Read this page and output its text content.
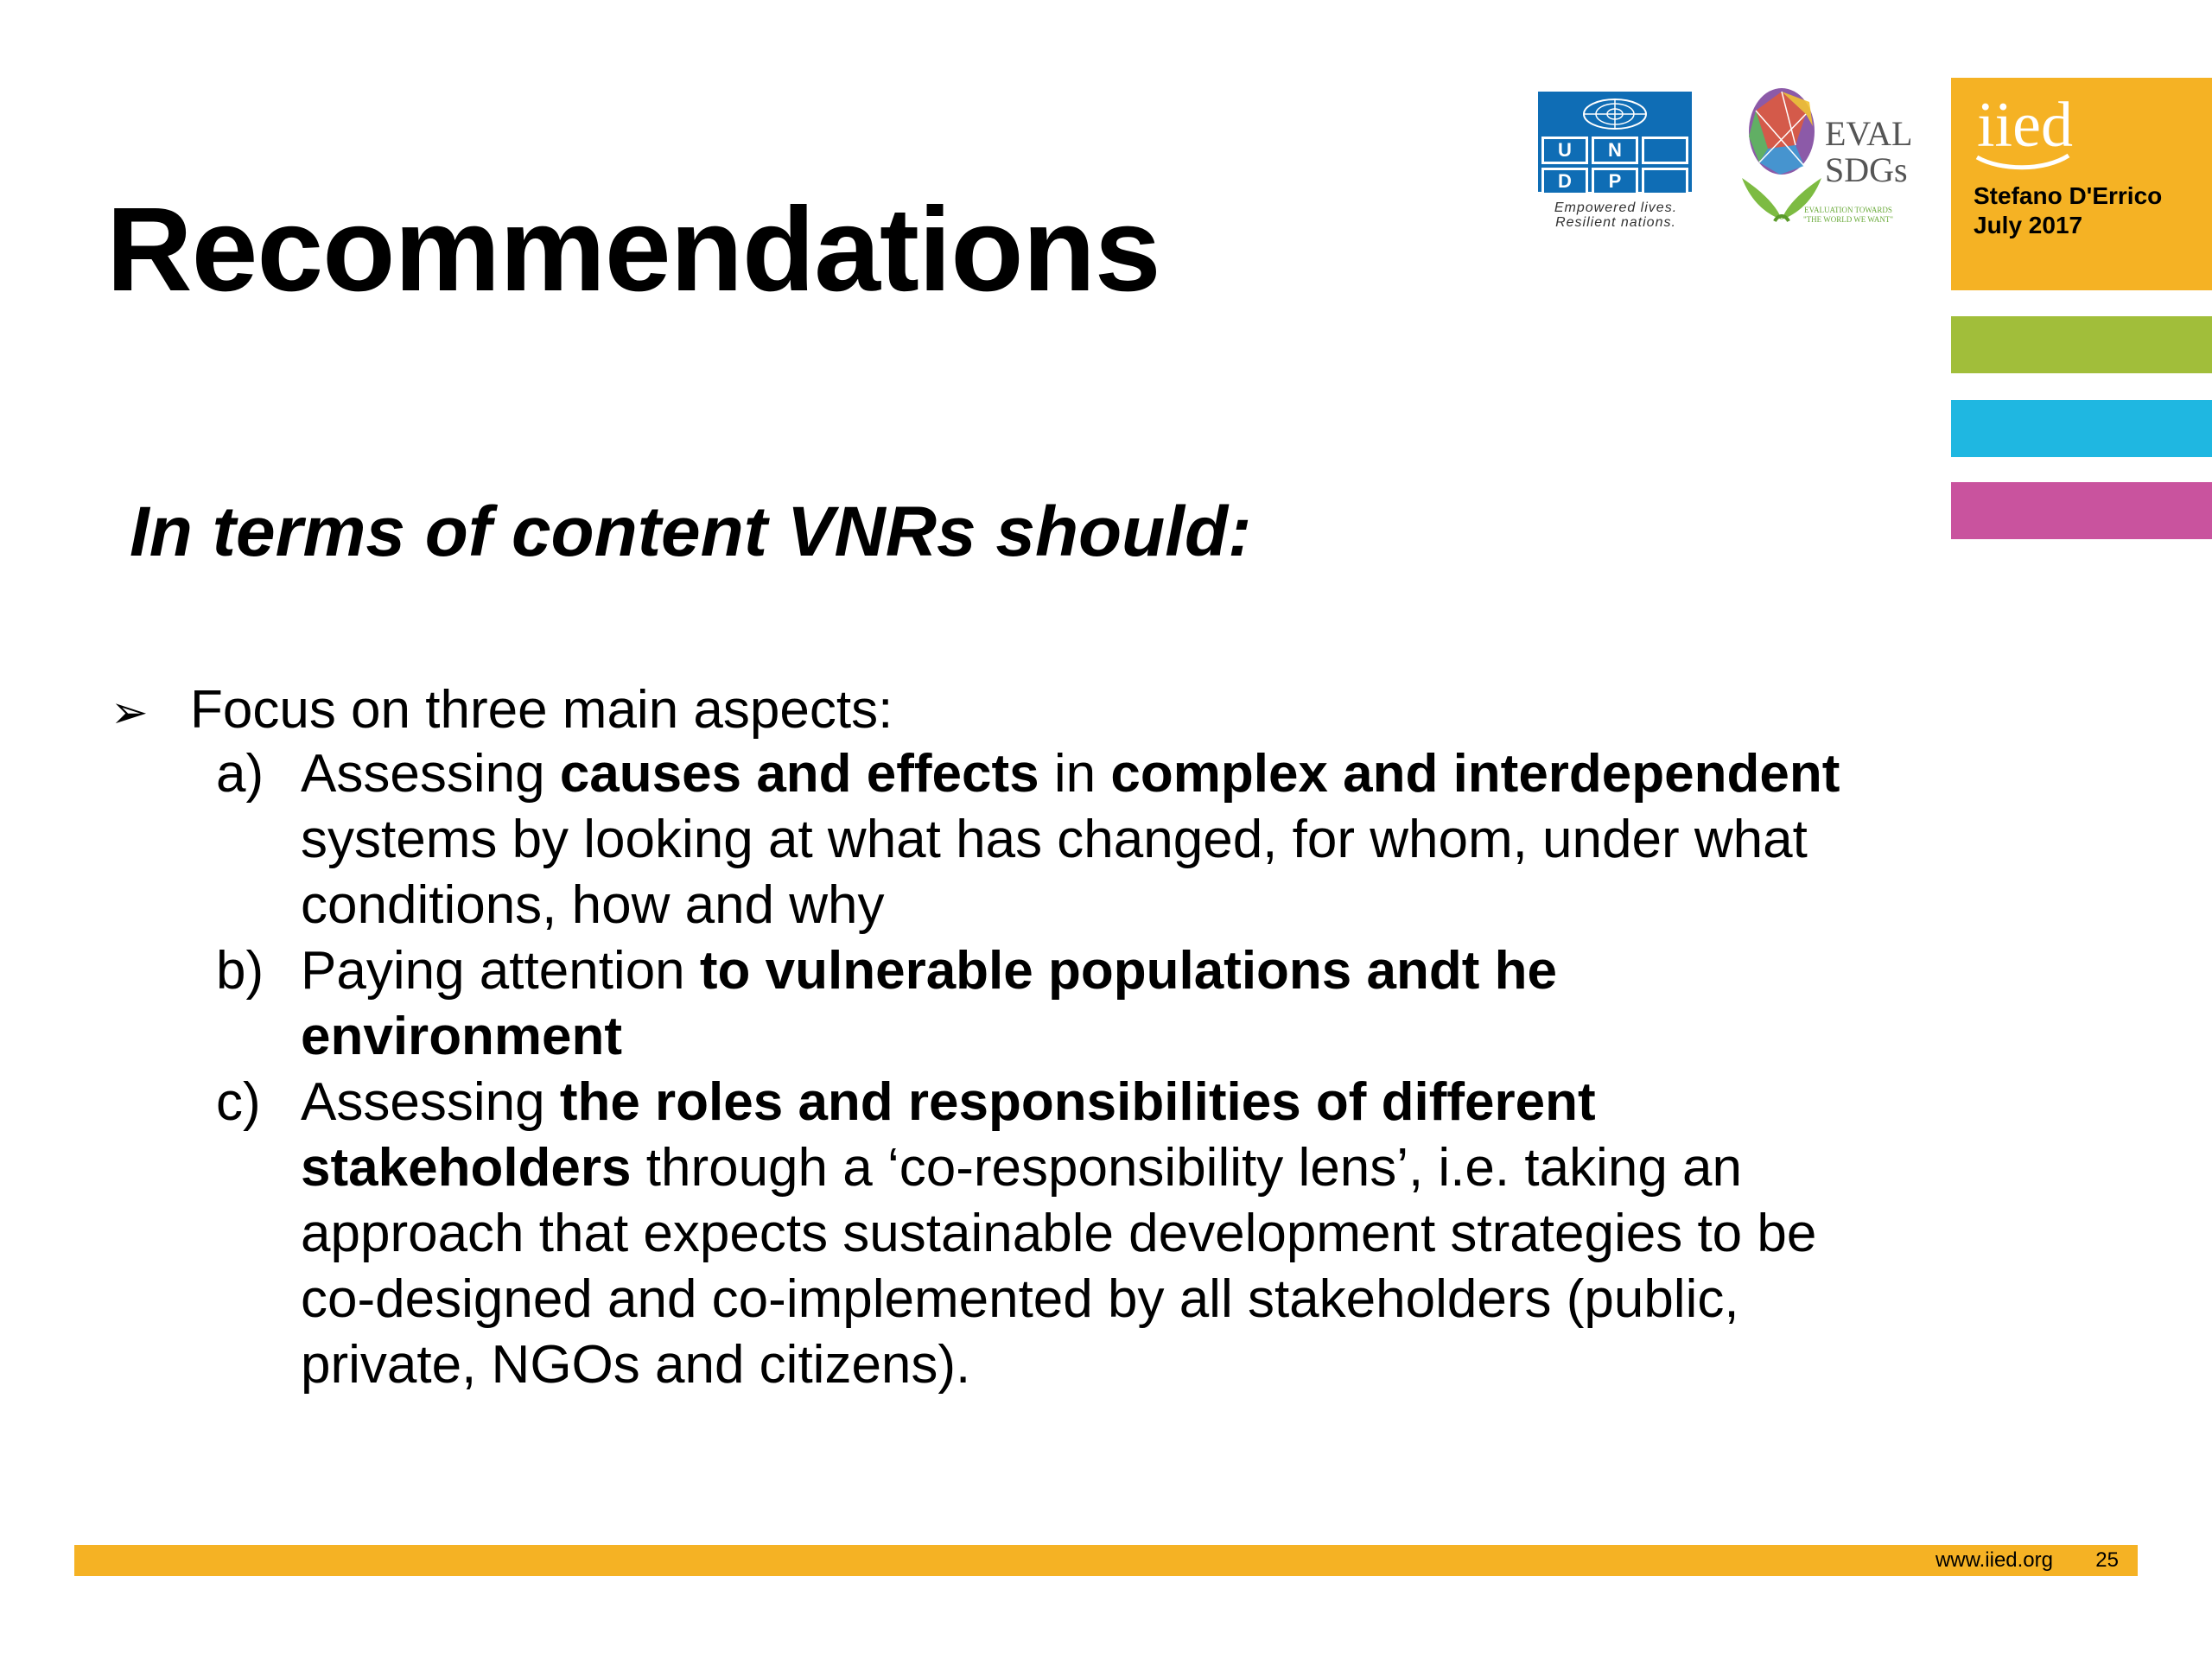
Recommendations
In terms of content VNRs should:
➢ Focus on three main aspects:
a) Assessing causes and effects in complex and interdependent systems by looking at what has changed, for whom, under what conditions, how and why
b) Paying attention to vulnerable populations andt he environment
c) Assessing the roles and responsibilities of different stakeholders through a ‘co-responsibility lens’, i.e. taking an approach that expects sustainable development strategies to be co-designed and co-implemented by all stakeholders (public, private, NGOs and citizens).
U	N
D	P
Empowered lives.
Resilient nations.
EVAL
SDGs
EVALUATION TOWARDS
"THE WORLD WE WANT"
iied
Stefano D'Errico
July 2017
www.iied.org 25
